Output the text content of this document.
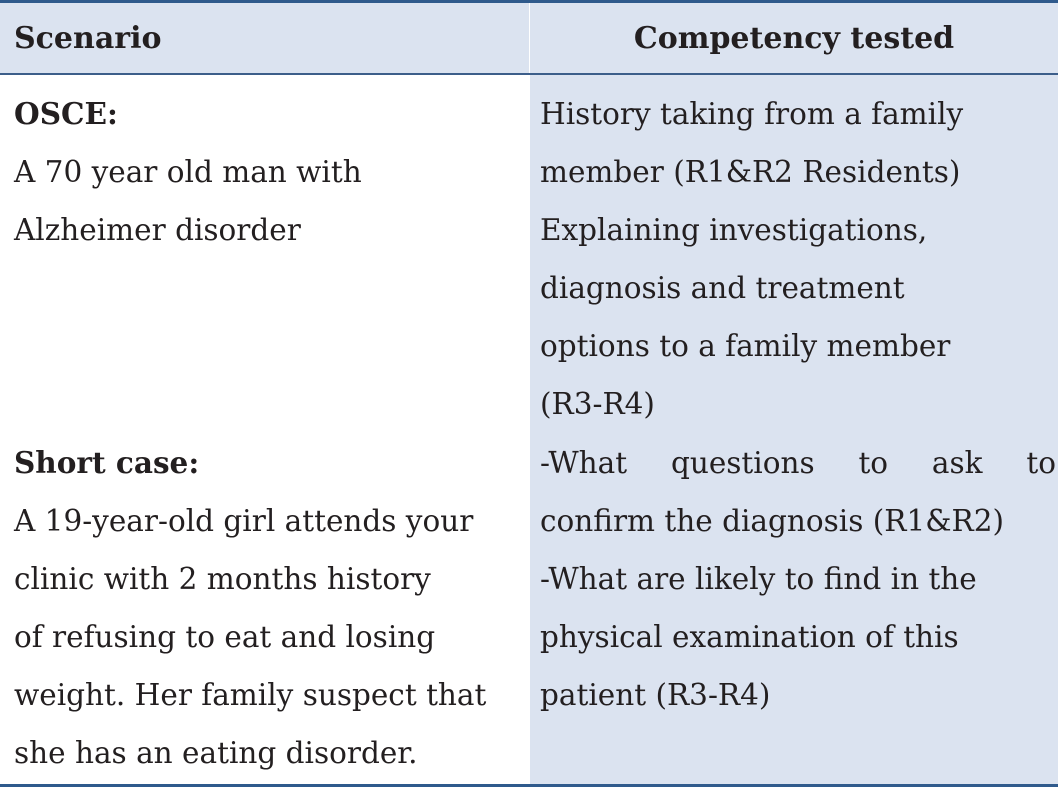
Scenario	Competency tested

OSCE:

A 70 year old man with

Alzheimer disorder

History taking from a family

member (R1&R2 Residents)

Explaining investigations,

diagnosis and treatment

options to a family member

(R3-R4)

Short case:

A 19-year-old girl attends your

clinic with 2 months history

of refusing to eat and losing

weight. Her family suspect that

she has an eating disorder.

-What questions to ask to

confirm the diagnosis (R1&R2)

-What are likely to find in the

physical examination of this

patient (R3-R4)
